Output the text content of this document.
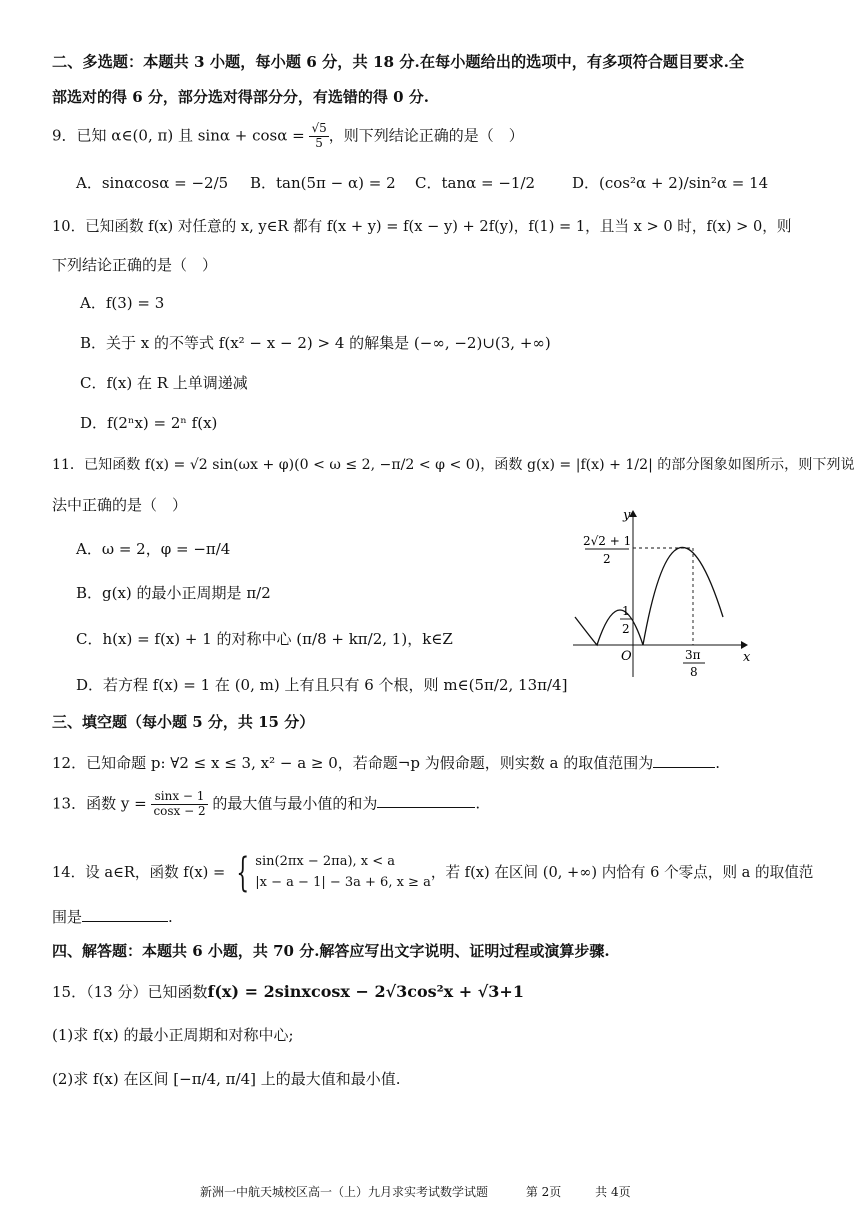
二、多选题：本题共 3 小题，每小题 6 分，共 18 分.在每小题给出的选项中，有多项符合题目要求.全
部选对的得 6 分，部分选对得部分分，有选错的得 0 分.
9．已知 α∈(0, π) 且 $\sin\alpha + \cos\alpha = \frac{√5}{5}$ ，则下列结论正确的是（　）
A．sinαcosα = −2/5 B．tan(5π − α) = 2 C．tanα = −1/2 D．(cos²α + 2)/sin²α = 14
10．已知函数 f(x) 对任意的 x, y∈R 都有 f(x + y) = f(x − y) + 2f(y)，f(1) = 1，且当 x > 0 时，f(x) > 0，则
下列结论正确的是（　）
A．f(3) = 3
B．关于 x 的不等式 f(x² − x − 2) > 4 的解集是 (−∞, −2)∪(3, +∞)
C．f(x) 在 R 上单调递减
D．f(2ⁿx) = 2ⁿ f(x)
11．已知函数 f(x) = √2 sin(ωx + φ)(0 < ω ≤ 2, −π/2 < φ < 0)，函数 g(x) = |f(x) + 1/2| 的部分图象如图所示，则下列说
法中正确的是（　）
A．ω = 2，φ = −π/4
B．g(x) 的最小正周期是 π/2
C．h(x) = f(x) + 1 的对称中心 (π/8 + kπ/2, 1)，k∈Z
D．若方程 f(x) = 1 在 (0, m) 上有且只有 6 个根，则 m∈(5π/2, 13π/4]
y
x
O
2√2 + 1
2
1
2
3π
8
三、填空题（每小题 5 分，共 15 分）
12．已知命题 p: ∀2 ≤ x ≤ 3, x² − a ≥ 0，若命题¬p 为假命题，则实数 a 的取值范围为	.
13．函数 $y = \frac{\sin x - 1}{\cos x - 2}$ 的最大值与最小值的和为	.
14．设 a∈R，函数 f(x) = { sin(2πx − 2πa), x < a
|x − a − 1| − 3a + 6, x ≥ a
，若 f(x) 在区间 (0, +∞) 内恰有 6 个零点，则 a 的取值范
围是	.
四、解答题：本题共 6 小题，共 70 分.解答应写出文字说明、证明过程或演算步骤.
15．（13 分）已知函数f(x) = 2sinxcosx − 2√3cos²x + √3+1
(1)求 f(x) 的最小正周期和对称中心;
(2)求 f(x) 在区间 [−π/4, π/4] 上的最大值和最小值.
新洲一中航天城校区高一（上）九月求实考试数学试题	第 2页	共 4页
